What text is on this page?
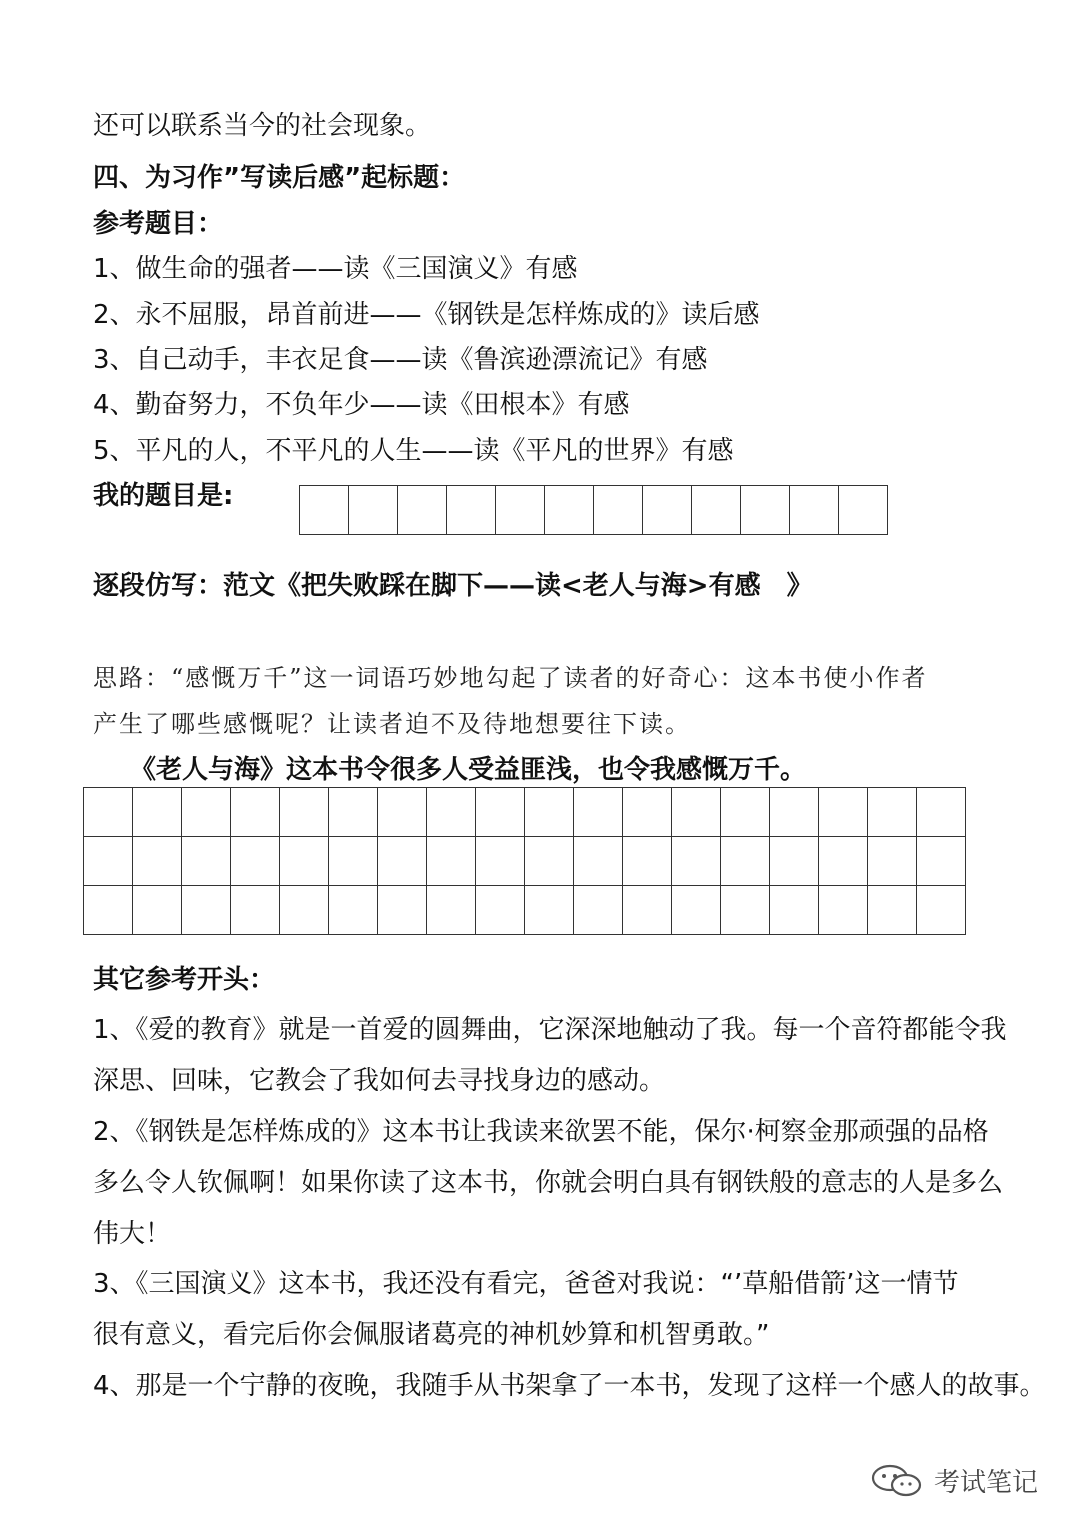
还可以联系当今的社会现象。
四、为习作”写读后感”起标题：
参考题目：
1、做生命的强者——读《三国演义》有感
2、永不屈服，昂首前进——《钢铁是怎样炼成的》读后感
3、自己动手，丰衣足食——读《鲁滨逊漂流记》有感
4、勤奋努力，不负年少——读《田根本》有感
5、平凡的人，不平凡的人生——读《平凡的世界》有感
我的题目是:

逐段仿写：范文《把失败踩在脚下——读<老人与海>有感　》
思路：“感慨万千”这一词语巧妙地勾起了读者的好奇心：这本书使小作者
产生了哪些感慨呢？让读者迫不及待地想要往下读。
《老人与海》这本书令很多人受益匪浅，也令我感慨万千。

其它参考开头：
1、《爱的教育》就是一首爱的圆舞曲，它深深地触动了我。每一个音符都能令我
深思、回味，它教会了我如何去寻找身边的感动。
2、《钢铁是怎样炼成的》这本书让我读来欲罢不能，保尔·柯察金那顽强的品格
多么令人钦佩啊！如果你读了这本书，你就会明白具有钢铁般的意志的人是多么
伟大！
3、《三国演义》这本书，我还没有看完，爸爸对我说：“’草船借箭’这一情节
很有意义，看完后你会佩服诸葛亮的神机妙算和机智勇敢。”
4、那是一个宁静的夜晚，我随手从书架拿了一本书，发现了这样一个感人的故事。
考试笔记
